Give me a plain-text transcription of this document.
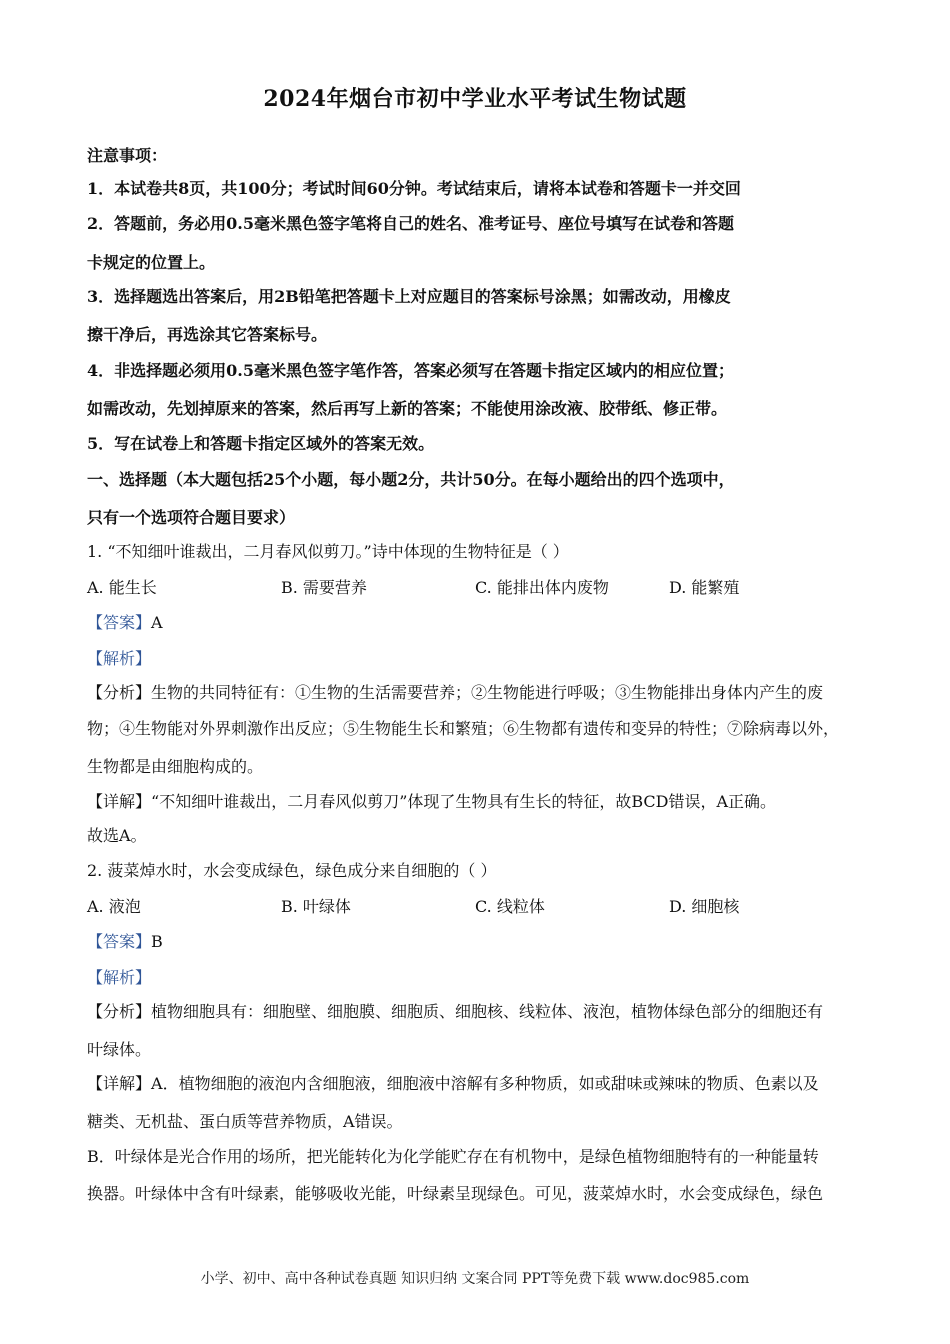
2024年烟台市初中学业水平考试生物试题
注意事项：
1．本试卷共8页，共100分；考试时间60分钟。考试结束后，请将本试卷和答题卡一并交回
2．答题前，务必用0.5毫米黑色签字笔将自己的姓名、准考证号、座位号填写在试卷和答题
卡规定的位置上。
3．选择题选出答案后，用2B铅笔把答题卡上对应题目的答案标号涂黑；如需改动，用橡皮
擦干净后，再选涂其它答案标号。
4．非选择题必须用0.5毫米黑色签字笔作答，答案必须写在答题卡指定区域内的相应位置；
如需改动，先划掉原来的答案，然后再写上新的答案；不能使用涂改液、胶带纸、修正带。
5．写在试卷上和答题卡指定区域外的答案无效。
一、选择题（本大题包括25个小题，每小题2分，共计50分。在每小题给出的四个选项中，
只有一个选项符合题目要求）
1. “不知细叶谁裁出，二月春风似剪刀。”诗中体现的生物特征是（ ）
A. 能生长	B. 需要营养	C. 能排出体内废物	D. 能繁殖
【答案】A
【解析】
【分析】生物的共同特征有：①生物的生活需要营养；②生物能进行呼吸；③生物能排出身体内产生的废
物；④生物能对外界刺激作出反应；⑤生物能生长和繁殖；⑥生物都有遗传和变异的特性；⑦除病毒以外，
生物都是由细胞构成的。
【详解】“不知细叶谁裁出，二月春风似剪刀”体现了生物具有生长的特征，故BCD错误，A正确。
故选A。
2. 菠菜焯水时，水会变成绿色，绿色成分来自细胞的（ ）
A. 液泡	B. 叶绿体	C. 线粒体	D. 细胞核
【答案】B
【解析】
【分析】植物细胞具有：细胞壁、细胞膜、细胞质、细胞核、线粒体、液泡，植物体绿色部分的细胞还有
叶绿体。
【详解】A．植物细胞的液泡内含细胞液，细胞液中溶解有多种物质，如或甜味或辣味的物质、色素以及
糖类、无机盐、蛋白质等营养物质，A错误。
B．叶绿体是光合作用的场所，把光能转化为化学能贮存在有机物中，是绿色植物细胞特有的一种能量转
换器。叶绿体中含有叶绿素，能够吸收光能，叶绿素呈现绿色。可见，菠菜焯水时，水会变成绿色，绿色
小学、初中、高中各种试卷真题 知识归纳 文案合同 PPT等免费下载 www.doc985.com
